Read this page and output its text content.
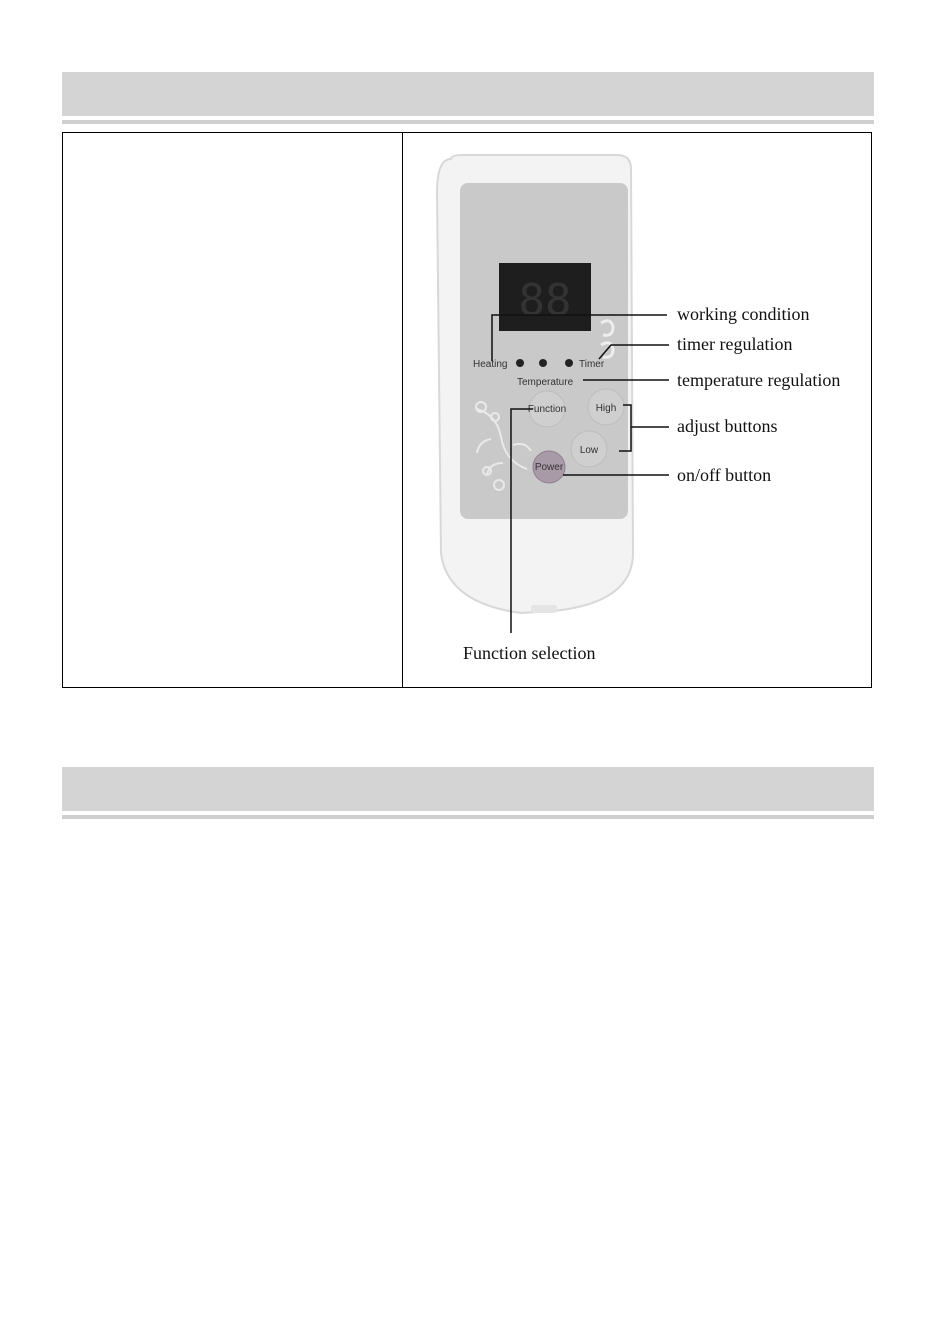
88
Heating	Timer
Temperature
Function	High
Low
Power
working condition
timer regulation
temperature regulation
adjust buttons
on/off button
Function selection
